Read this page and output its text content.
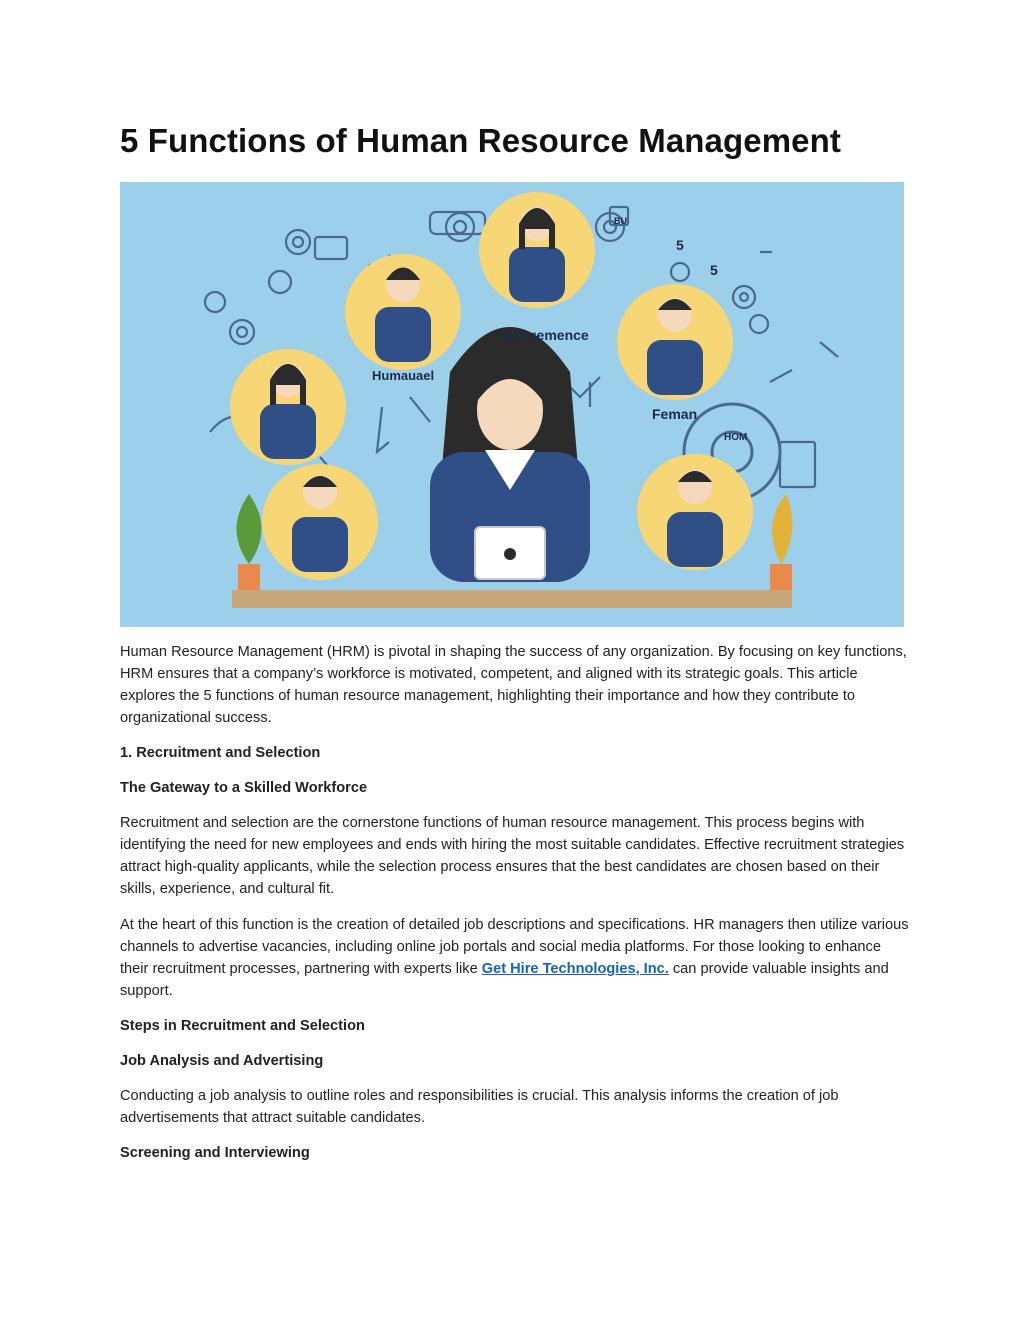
5 Functions of Human Resource Management
Mangemence
Humauael
Feman
5
5
HOM
BU

Human Resource Management (HRM) is pivotal in shaping the success of any organization. By focusing on key functions, HRM ensures that a company’s workforce is motivated, competent, and aligned with its strategic goals. This article explores the 5 functions of human resource management, highlighting their importance and how they contribute to organizational success.

1. Recruitment and Selection

The Gateway to a Skilled Workforce

Recruitment and selection are the cornerstone functions of human resource management. This process begins with identifying the need for new employees and ends with hiring the most suitable candidates. Effective recruitment strategies attract high-quality applicants, while the selection process ensures that the best candidates are chosen based on their skills, experience, and cultural fit.

At the heart of this function is the creation of detailed job descriptions and specifications. HR managers then utilize various channels to advertise vacancies, including online job portals and social media platforms. For those looking to enhance their recruitment processes, partnering with experts like Get Hire Technologies, Inc. can provide valuable insights and support.

Steps in Recruitment and Selection

Job Analysis and Advertising

Conducting a job analysis to outline roles and responsibilities is crucial. This analysis informs the creation of job advertisements that attract suitable candidates.

Screening and Interviewing
